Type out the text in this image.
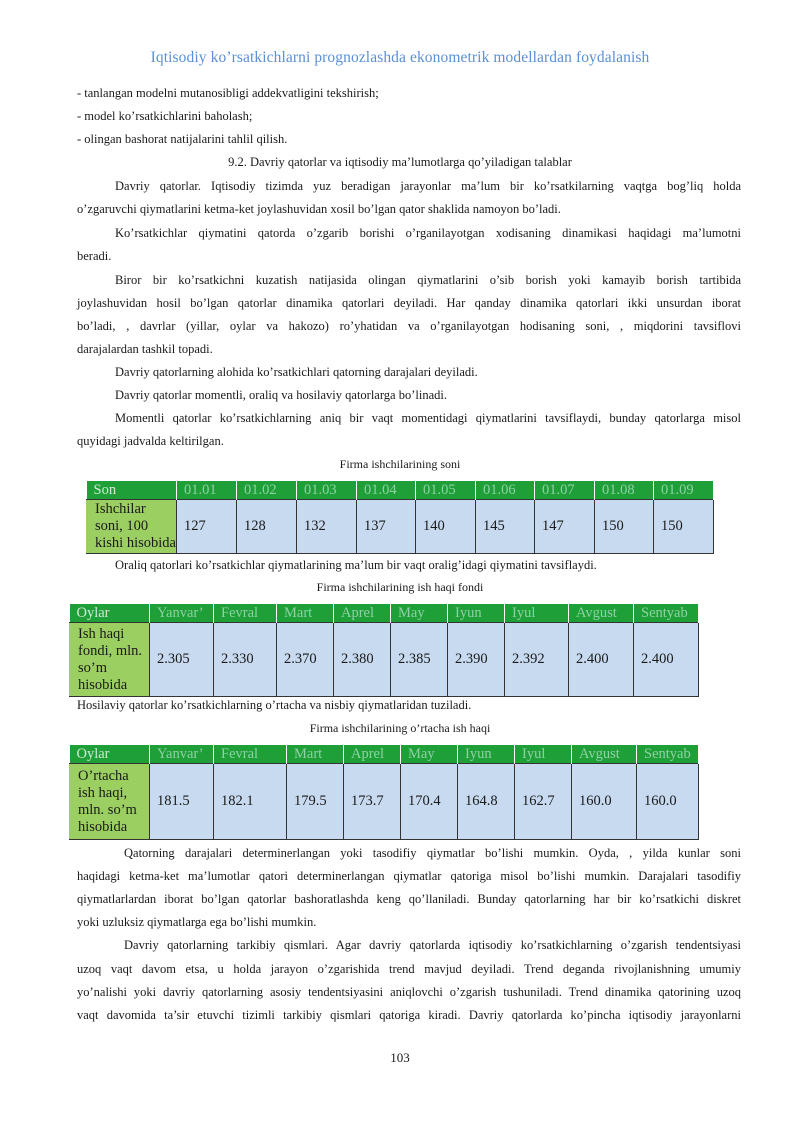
Iqtisodiy ko’rsatkichlarni prognozlashda ekonometrik modellardan foydalanish
- tanlangan modelni mutanosibligi addekvatligini tekshirish;
- model ko’rsatkichlarini baholash;
- olingan bashorat natijalarini tahlil qilish.
9.2. Davriy qatorlar va iqtisodiy ma’lumotlarga qo’yiladigan talablar
Davriy qatorlar. Iqtisodiy tizimda yuz beradigan jarayonlar ma’lum bir ko’rsatkilarning vaqtga bog’liq holda
o’zgaruvchi qiymatlarini ketma-ket joylashuvidan xosil bo’lgan qator shaklida namoyon bo’ladi.
Ko’rsatkichlar qiymatini qatorda o’zgarib borishi o’rganilayotgan xodisaning dinamikasi haqidagi ma’lumotni
beradi.
Biror bir ko’rsatkichni kuzatish natijasida olingan qiymatlarini o’sib borish yoki kamayib borish tartibida
joylashuvidan hosil bo’lgan qatorlar dinamika qatorlari deyiladi. Har qanday dinamika qatorlari ikki unsurdan iborat
bo’ladi, , davrlar (yillar, oylar va hakozo) ro’yhatidan va o’rganilayotgan hodisaning soni, , miqdorini tavsiflovi
darajalardan tashkil topadi.
Davriy qatorlarning alohida ko’rsatkichlari qatorning darajalari deyiladi.
Davriy qatorlar momentli, oraliq va hosilaviy qatorlarga bo’linadi.
Momentli qatorlar ko’rsatkichlarning aniq bir vaqt momentidagi qiymatlarini tavsiflaydi, bunday qatorlarga misol
quyidagi jadvalda keltirilgan.
Firma ishchilarining soni
Son	01.01	01.02	01.03	01.04	01.05	01.06	01.07	01.08	01.09
Ishchilar soni, 100 kishi hisobida	127	128	132	137	140	145	147	150	150
Oraliq qatorlari ko’rsatkichlar qiymatlarining ma’lum bir vaqt oralig’idagi qiymatini tavsiflaydi.
Firma ishchilarining ish haqi fondi
Oylar	Yanvar’	Fevral	Mart	Aprel	May	Iyun	Iyul	Avgust	Sentyab
Ish haqi fondi, mln. so’m hisobida	2.305	2.330	2.370	2.380	2.385	2.390	2.392	2.400	2.400
Hosilaviy qatorlar ko’rsatkichlarning o’rtacha va nisbiy qiymatlaridan tuziladi.
Firma ishchilarining o’rtacha ish haqi
Oylar	Yanvar’	Fevral	Mart	Aprel	May	Iyun	Iyul	Avgust	Sentyab
O’rtacha ish haqi, mln. so’m hisobida	181.5	182.1	179.5	173.7	170.4	164.8	162.7	160.0	160.0
Qatorning darajalari determinerlangan yoki tasodifiy qiymatlar bo’lishi mumkin. Oyda, , yilda kunlar soni
haqidagi ketma-ket ma’lumotlar qatori determinerlangan qiymatlar qatoriga misol bo’lishi mumkin. Darajalari tasodifiy
qiymatlarlardan iborat bo’lgan qatorlar bashoratlashda keng qo’llaniladi. Bunday qatorlarning har bir ko’rsatkichi diskret
yoki uzluksiz qiymatlarga ega bo’lishi mumkin.
Davriy qatorlarning tarkibiy qismlari. Agar davriy qatorlarda iqtisodiy ko’rsatkichlarning o’zgarish tendentsiyasi
uzoq vaqt davom etsa, u holda jarayon o’zgarishida trend mavjud deyiladi. Trend deganda rivojlanishning umumiy
yo’nalishi yoki davriy qatorlarning asosiy tendentsiyasini aniqlovchi o’zgarish tushuniladi. Trend dinamika qatorining uzoq
vaqt davomida ta’sir etuvchi tizimli tarkibiy qismlari qatoriga kiradi. Davriy qatorlarda ko’pincha iqtisodiy jarayonlarni
103
